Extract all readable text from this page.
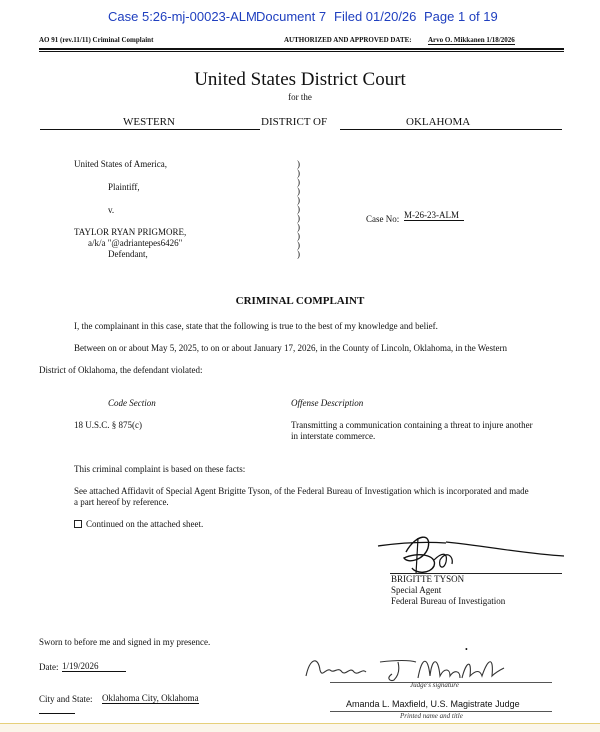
Case 5:26-mj-00023-ALM Document 7 Filed 01/20/26 Page 1 of 19
AO 91 (rev.11/11) Criminal Complaint	AUTHORIZED AND APPROVED DATE: Arvo O. Mikkanen 1/18/2026
United States District Court
for the
WESTERN	DISTRICT OF	OKLAHOMA
United States of America,
Plaintiff,
v.
TAYLOR RYAN PRIGMORE,
a/k/a "@adriantepes6426"
Defendant,
)
)
)
)
)
)
)
)
)
)
)
Case No: M-26-23-ALM
CRIMINAL COMPLAINT
I, the complainant in this case, state that the following is true to the best of my knowledge and belief.
Between on or about May 5, 2025, to on or about January 17, 2026, in the County of Lincoln, Oklahoma, in the Western
District of Oklahoma, the defendant violated:
Code Section	Offense Description
18 U.S.C. § 875(c)	Transmitting a communication containing a threat to injure another
in interstate commerce.
This criminal complaint is based on these facts:
See attached Affidavit of Special Agent Brigitte Tyson, of the Federal Bureau of Investigation which is incorporated and made
a part hereof by reference.
Continued on the attached sheet.
BRIGITTE TYSON
Special Agent
Federal Bureau of Investigation
Sworn to before me and signed in my presence.
Date: 1/19/2026
City and State: Oklahoma City, Oklahoma
•
Judge's signature
Amanda L. Maxfield, U.S. Magistrate Judge
Printed name and title
